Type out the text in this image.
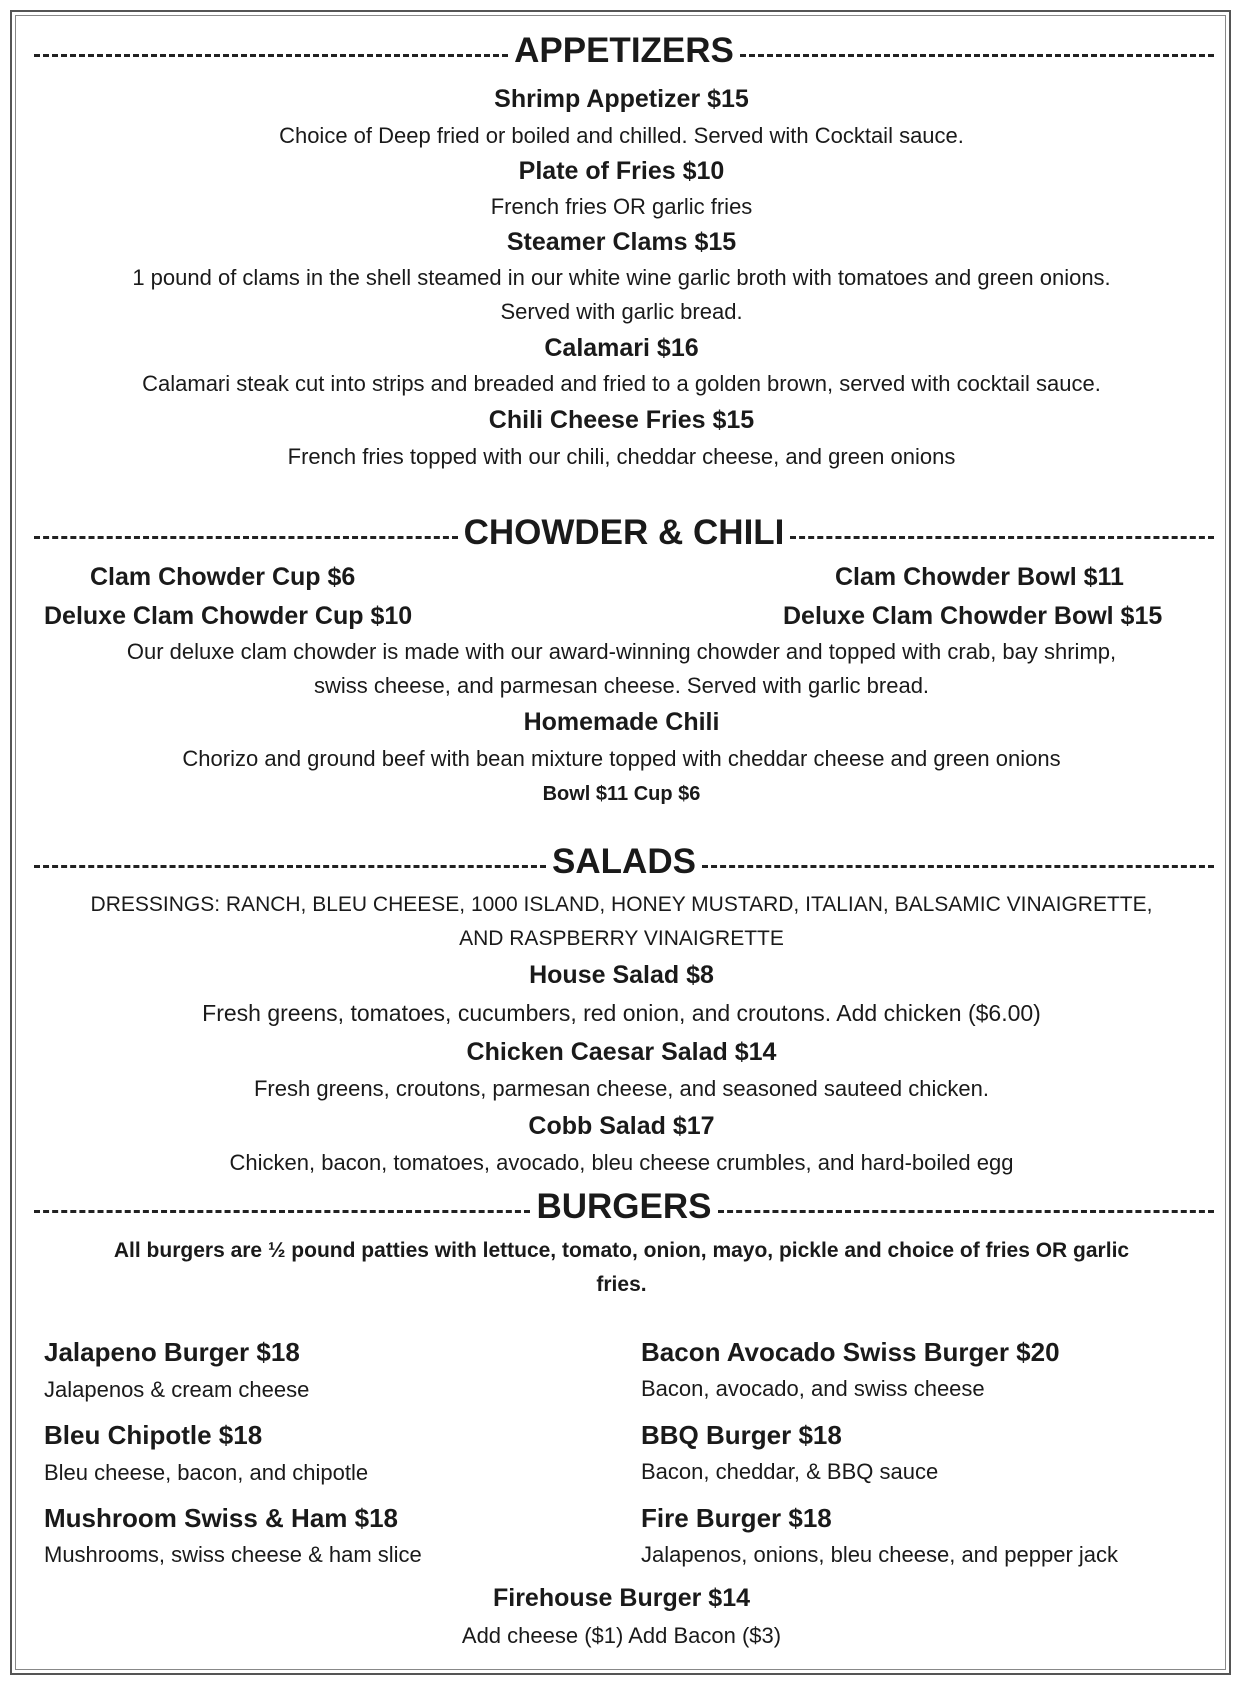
APPETIZERS
Shrimp Appetizer $15
Choice of Deep fried or boiled and chilled. Served with Cocktail sauce.
Plate of Fries $10
French fries OR garlic fries
Steamer Clams $15
1 pound of clams in the shell steamed in our white wine garlic broth with tomatoes and green onions.
Served with garlic bread.
Calamari $16
Calamari steak cut into strips and breaded and fried to a golden brown, served with cocktail sauce.
Chili Cheese Fries $15
French fries topped with our chili, cheddar cheese, and green onions
CHOWDER & CHILI
Clam Chowder Cup $6	Clam Chowder Bowl $11
Deluxe Clam Chowder Cup $10	Deluxe Clam Chowder Bowl $15
Our deluxe clam chowder is made with our award-winning chowder and topped with crab, bay shrimp,
swiss cheese, and parmesan cheese. Served with garlic bread.
Homemade Chili
Chorizo and ground beef with bean mixture topped with cheddar cheese and green onions
Bowl $11 Cup $6
SALADS
DRESSINGS: RANCH, BLEU CHEESE, 1000 ISLAND, HONEY MUSTARD, ITALIAN, BALSAMIC VINAIGRETTE,
AND RASPBERRY VINAIGRETTE
House Salad $8
Fresh greens, tomatoes, cucumbers, red onion, and croutons. Add chicken ($6.00)
Chicken Caesar Salad $14
Fresh greens, croutons, parmesan cheese, and seasoned sauteed chicken.
Cobb Salad $17
Chicken, bacon, tomatoes, avocado, bleu cheese crumbles, and hard-boiled egg
BURGERS
All burgers are ½ pound patties with lettuce, tomato, onion, mayo, pickle and choice of fries OR garlic
fries.
Jalapeno Burger $18
Jalapenos & cream cheese
Bleu Chipotle $18
Bleu cheese, bacon, and chipotle
Mushroom Swiss & Ham $18
Mushrooms, swiss cheese & ham slice
Bacon Avocado Swiss Burger $20
Bacon, avocado, and swiss cheese
BBQ Burger $18
Bacon, cheddar, & BBQ sauce
Fire Burger $18
Jalapenos, onions, bleu cheese, and pepper jack
Firehouse Burger $14
Add cheese ($1) Add Bacon ($3)
